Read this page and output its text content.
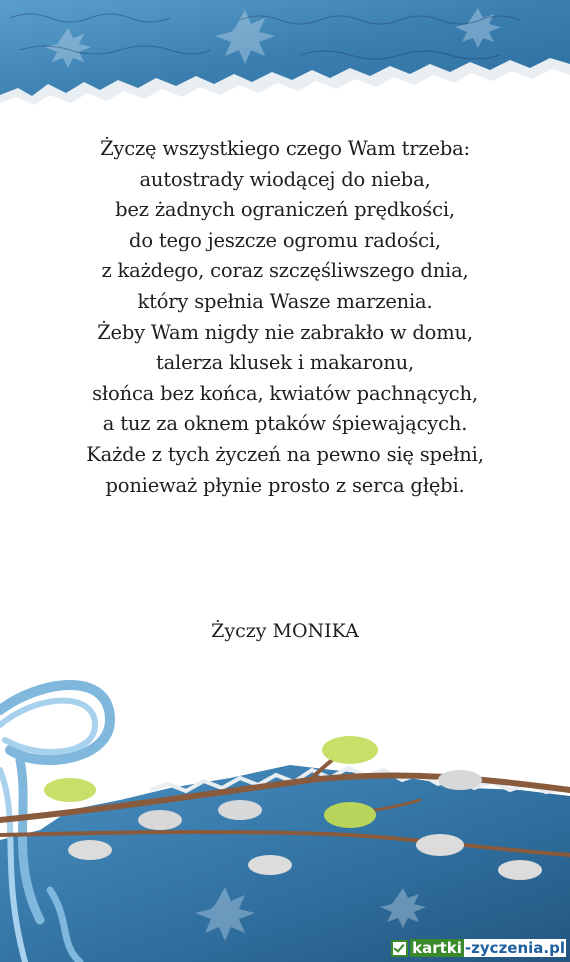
Życzę wszystkiego czego Wam trzeba:
autostrady wiodącej do nieba,
bez żadnych ograniczeń prędkości,
do tego jeszcze ogromu radości,
z każdego, coraz szczęśliwszego dnia,
który spełnia Wasze marzenia.
Żeby Wam nigdy nie zabrakło w domu,
talerza klusek i makaronu,
słońca bez końca, kwiatów pachnących,
a tuz za oknem ptaków śpiewających.
Każde z tych życzeń na pewno się spełni,
ponieważ płynie prosto z serca głębi.
Życzy MONIKA
kartki -zyczenia.pl
